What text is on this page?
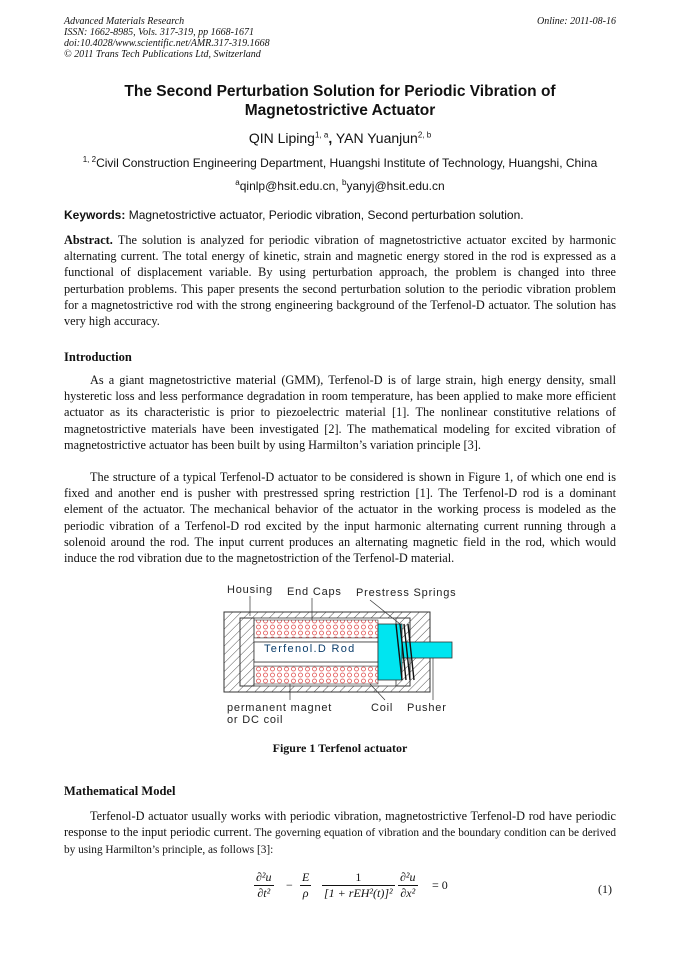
Advanced Materials Research
ISSN: 1662-8985, Vols. 317-319, pp 1668-1671
doi:10.4028/www.scientific.net/AMR.317-319.1668
© 2011 Trans Tech Publications Ltd, Switzerland
Online: 2011-08-16
The Second Perturbation Solution for Periodic Vibration of
Magnetostrictive Actuator
QIN Liping$^{1, a}$, YAN Yuanjun$^{2, b}$
$^{1, 2}$Civil Construction Engineering Department, Huangshi Institute of Technology, Huangshi, China
$^a$qinlp@hsit.edu.cn, $^b$yanyj@hsit.edu.cn
Keywords: Magnetostrictive actuator, Periodic vibration, Second perturbation solution.
Abstract. The solution is analyzed for periodic vibration of magnetostrictive actuator excited by harmonic alternating current. The total energy of kinetic, strain and magnetic energy stored in the rod is expressed as a functional of displacement variable. By using perturbation approach, the problem is changed into three perturbation problems. This paper presents the second perturbation solution to the periodic vibration problem for a magnetostrictive rod with the strong engineering background of the Terfenol-D actuator. The solution has very high accuracy.
Introduction
As a giant magnetostrictive material (GMM), Terfenol-D is of large strain, high energy density, small hysteretic loss and less performance degradation in room temperature, has been applied to make more efficient actuator as its characteristic is prior to piezoelectric material [1]. The nonlinear constitutive relations of magnetostrictive materials have been investigated [2]. The mathematical modeling for excited vibration of magnetostrictive actuator has been built by using Harmilton’s variation principle [3].
The structure of a typical Terfenol-D actuator to be considered is shown in Figure 1, of which one end is fixed and another end is pusher with prestressed spring restriction [1]. The Terfenol-D rod is a dominant element of the actuator. The mechanical behavior of the actuator in the working process is modeled as the periodic vibration of a Terfenol-D rod excited by the input harmonic alternating current running through a solenoid around the rod. The input current produces an alternating magnetic field in the rod, which would induce the rod vibration due to the magnetostriction of the Terfenol-D material.
Housing End Caps Prestress Springs
Terfenol.D Rod
permanent magnet
or DC coil
Coil Pusher
Figure 1 Terfenol actuator
Mathematical Model
Terfenol-D actuator usually works with periodic vibration, magnetostrictive Terfenol-D rod have periodic response to the input periodic current. The governing equation of vibration and the boundary condition can be derived by using Harmilton’s principle, as follows [3]:
$\frac{\text{∂²u}}{\text{∂t²}} - \frac{E}{\rho}$	1
$[1 + rEH^2(t)]^2 \frac{\text{∂²u}}{\text{∂x²}} = 0$	(1)
